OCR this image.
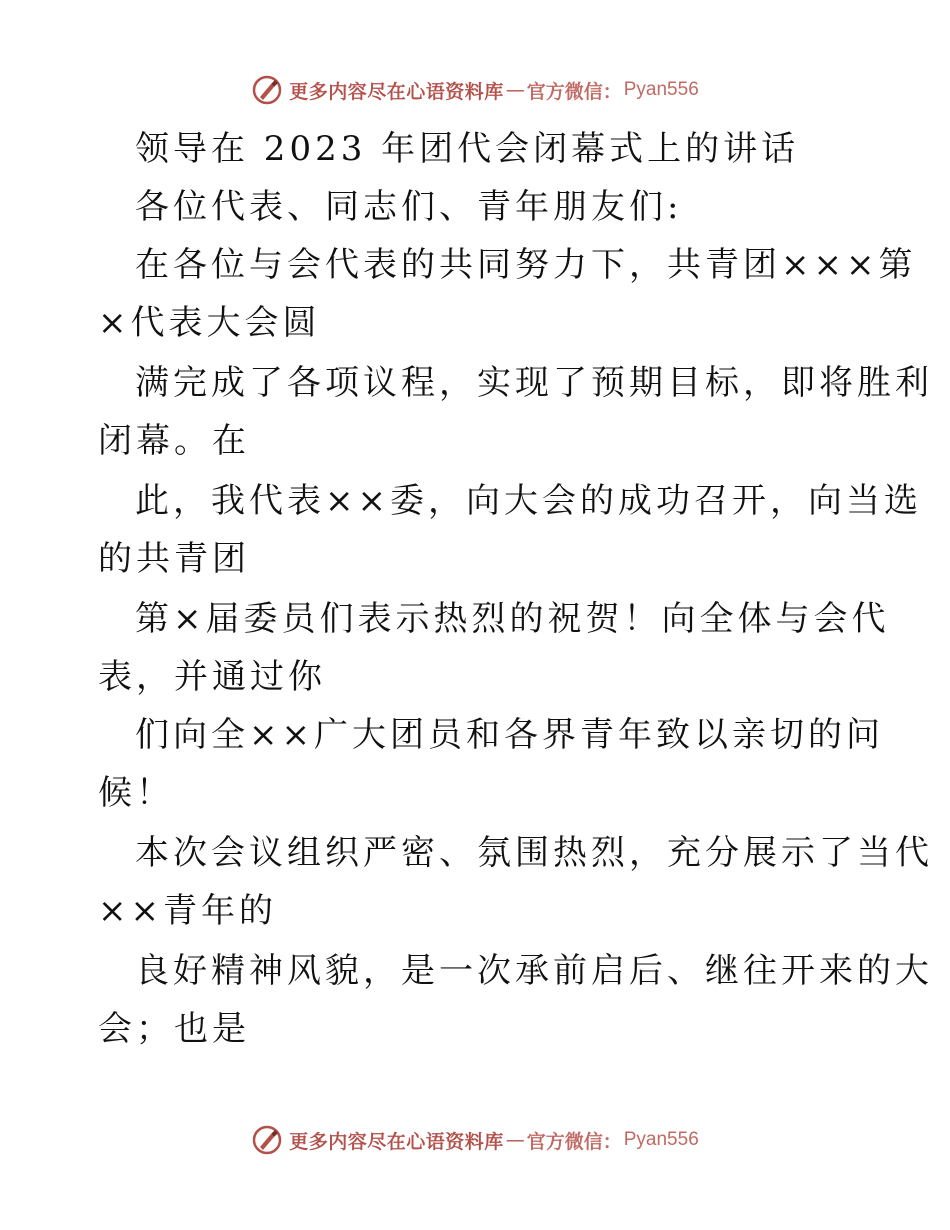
更多内容尽在心语资料库 — 官方微信： Pyan556
领导在 2023 年团代会闭幕式上的讲话
各位代表、同志们、青年朋友们:
在各位与会代表的共同努力下，共青团×××第
×代表大会圆
满完成了各项议程，实现了预期目标，即将胜利
闭幕。在
此，我代表××委，向大会的成功召开，向当选
的共青团
第×届委员们表示热烈的祝贺！向全体与会代
表，并通过你
们向全××广大团员和各界青年致以亲切的问
候！
本次会议组织严密、氛围热烈，充分展示了当代
××青年的
良好精神风貌，是一次承前启后、继往开来的大
会；也是
更多内容尽在心语资料库 — 官方微信： Pyan556
